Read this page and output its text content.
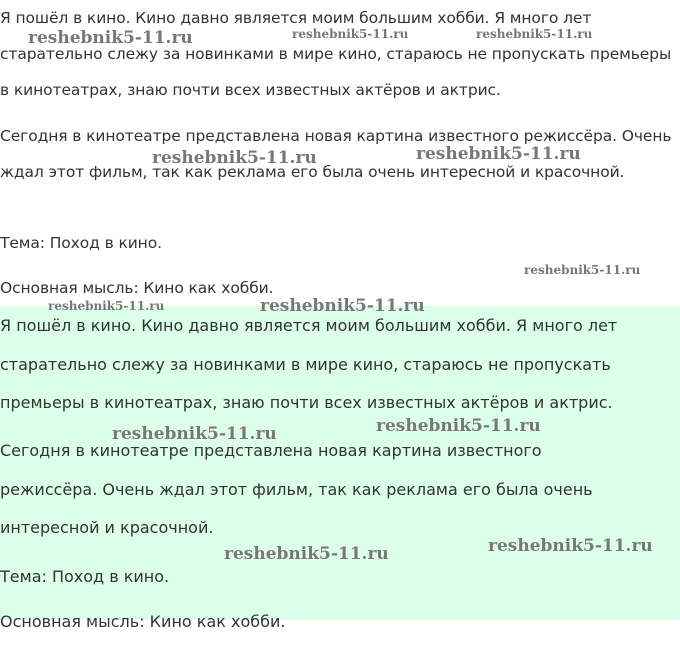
Я пошёл в кино. Кино давно является моим большим хобби. Я много лет старательно слежу за новинками в мире кино, стараюсь не пропускать премьеры в кинотеатрах, знаю почти всех известных актёров и актрис.

Сегодня в кинотеатре представлена новая картина известного режиссёра. Очень ждал этот фильм, так как реклама его была очень интересной и красочной.

Тема: Поход в кино.

Основная мысль: Кино как хобби.

Я пошёл в кино. Кино давно является моим большим хобби. Я много лет старательно слежу за новинками в мире кино, стараюсь не пропускать премьеры в кинотеатрах, знаю почти всех известных актёров и актрис.

Сегодня в кинотеатре представлена новая картина известного режиссёра. Очень ждал этот фильм, так как реклама его была очень интересной и красочной.

Тема: Поход в кино.

Основная мысль: Кино как хобби.

reshebnik5-11.ru	reshebnik5-11.ru	reshebnik5-11.ru
reshebnik5-11.ru	reshebnik5-11.ru
reshebnik5-11.ru
reshebnik5-11.ru	reshebnik5-11.ru
reshebnik5-11.ru	reshebnik5-11.ru
reshebnik5-11.ru	reshebnik5-11.ru
